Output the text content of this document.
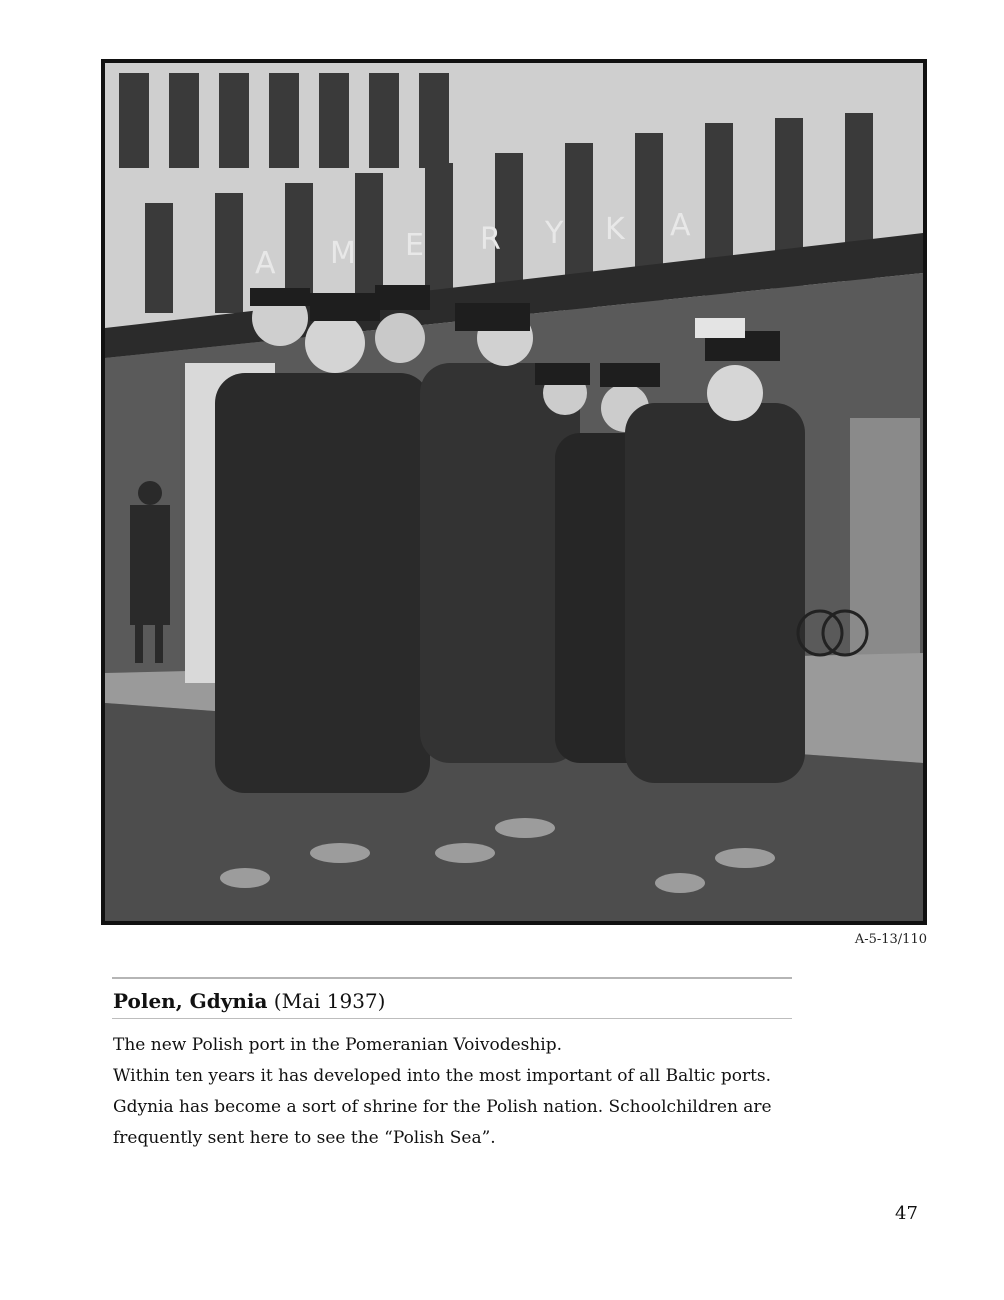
A M E R Y K A
A-5-13/110
Polen, Gdynia (Mai 1937)

The new Polish port in the Pomeranian Voivodeship.

Within ten years it has developed into the most important of all Baltic ports.

Gdynia has become a sort of shrine for the Polish nation. Schoolchildren are

frequently sent here to see the “Polish Sea”.

47
